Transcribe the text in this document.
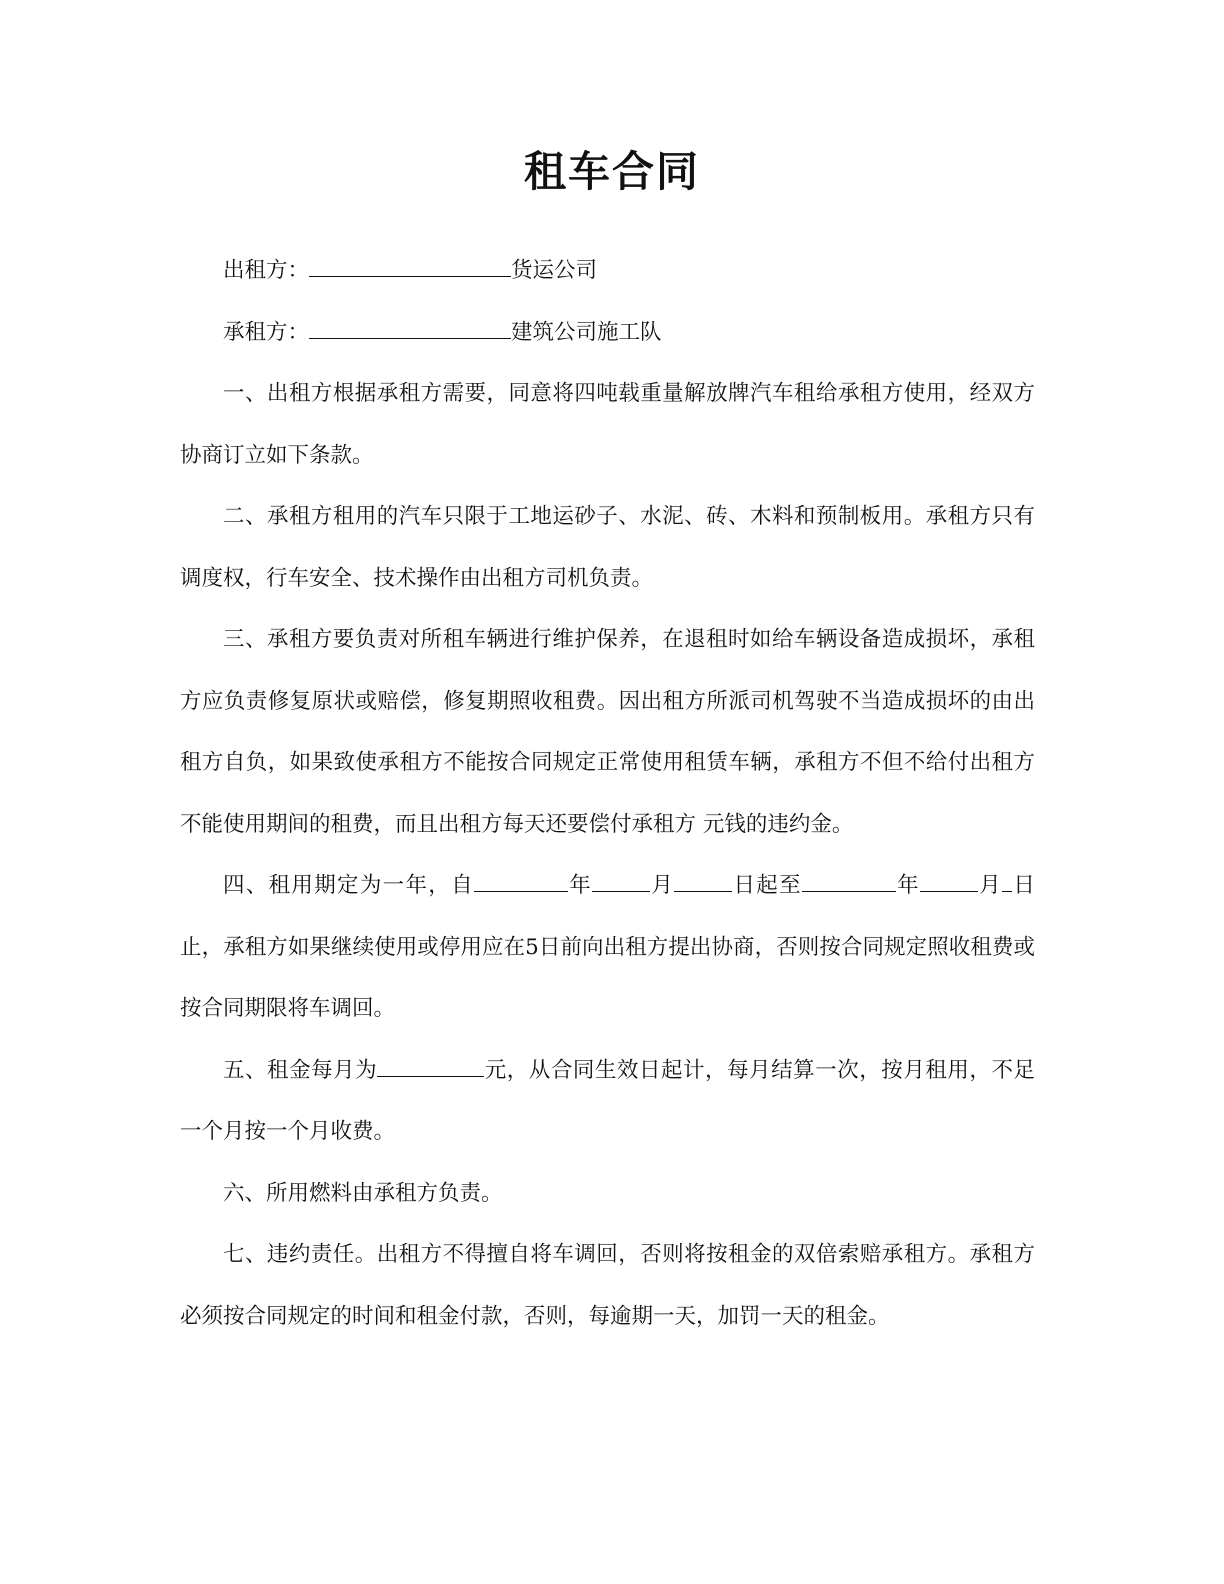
租车合同

出租方：	货运公司

承租方：	建筑公司施工队

一、出租方根据承租方需要，同意将四吨载重量解放牌汽车租给承租方使用，经双方协商订立如下条款。

二、承租方租用的汽车只限于工地运砂子、水泥、砖、木料和预制板用。承租方只有调度权，行车安全、技术操作由出租方司机负责。

三、承租方要负责对所租车辆进行维护保养，在退租时如给车辆设备造成损坏，承租方应负责修复原状或赔偿，修复期照收租费。因出租方所派司机驾驶不当造成损坏的由出租方自负，如果致使承租方不能按合同规定正常使用租赁车辆，承租方不但不给付出租方不能使用期间的租费，而且出租方每天还要偿付承租方 元钱的违约金。

四、租用期定为一年，自	年	月	日起至	年	月 日止，承租方如果继续使用或停用应在5日前向出租方提出协商，否则按合同规定照收租费或按合同期限将车调回。

五、租金每月为	元，从合同生效日起计，每月结算一次，按月租用，不足一个月按一个月收费。

六、所用燃料由承租方负责。

七、违约责任。出租方不得擅自将车调回，否则将按租金的双倍索赔承租方。承租方必须按合同规定的时间和租金付款，否则，每逾期一天，加罚一天的租金。
